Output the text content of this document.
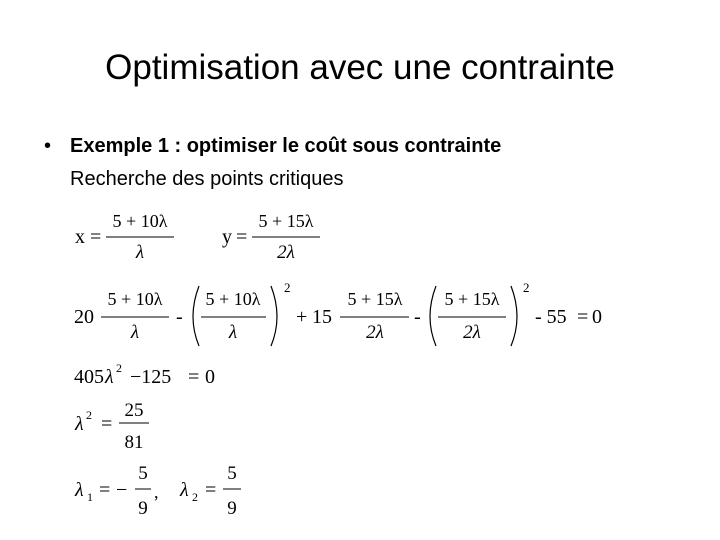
Optimisation avec une contrainte
• Exemple 1 : optimiser le coût sous contrainte
Recherche des points critiques
x =
5 + 10λ
λ
y =
5 + 15λ
2λ
20
5 + 10λ
λ
-
5 + 10λ
λ
2
+ 15
5 + 15λ
2λ
-
5 + 15λ
2λ
2
- 55 = 0
405 λ 2 −125 = 0
λ 2 =
25
81
λ 1 = −
5
9
, λ 2 =
5
9
